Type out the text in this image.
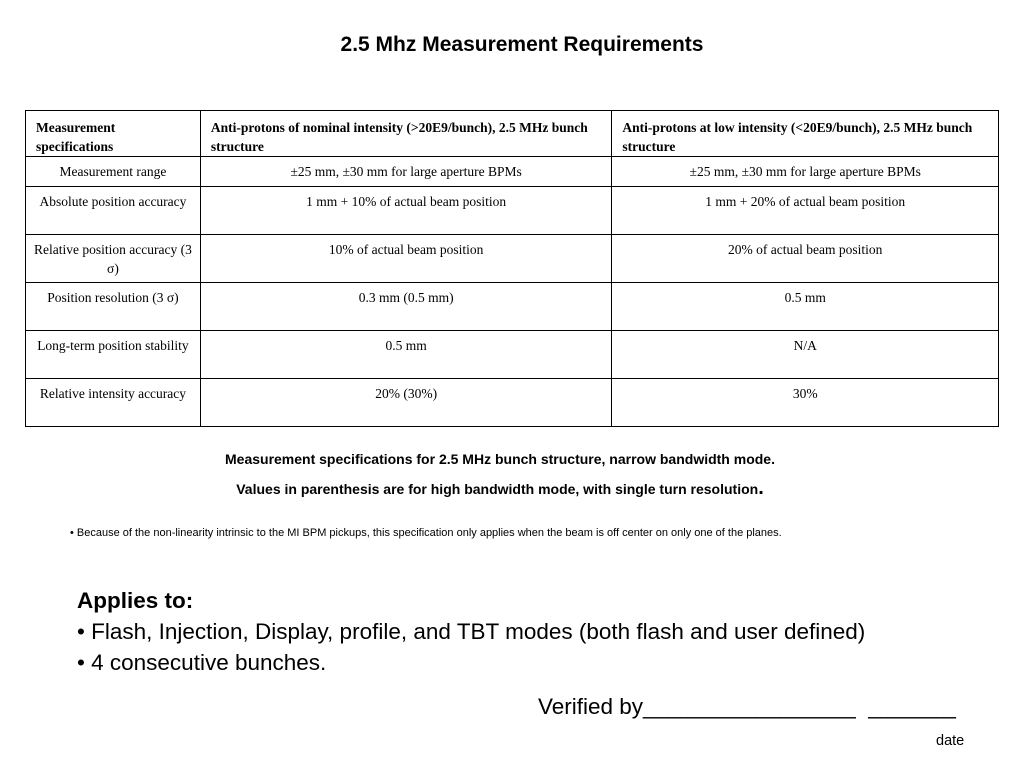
2.5 Mhz Measurement Requirements
Measurement specifications	Anti-protons of nominal intensity (>20E9/bunch), 2.5 MHz bunch structure	Anti-protons at low intensity (<20E9/bunch), 2.5 MHz bunch structure
Measurement range	±25 mm, ±30 mm for large aperture BPMs	±25 mm, ±30 mm for large aperture BPMs
Absolute position accuracy	1 mm + 10% of actual beam position	1 mm + 20% of actual beam position
Relative position accuracy (3 σ)	10% of actual beam position	20% of actual beam position
Position resolution (3 σ)	0.3 mm (0.5 mm)	0.5 mm
Long-term position stability	0.5 mm	N/A
Relative intensity accuracy	20% (30%)	30%
Measurement specifications for 2.5 MHz bunch structure, narrow bandwidth mode.
Values in parenthesis are for high bandwidth mode, with single turn resolution.
• Because of the non-linearity intrinsic to the MI BPM pickups, this specification only applies when the beam is off center on only one of the planes.
Applies to:
• Flash, Injection, Display, profile, and TBT modes (both flash and user defined)
• 4 consecutive bunches.
Verified by_________________  _______
date
